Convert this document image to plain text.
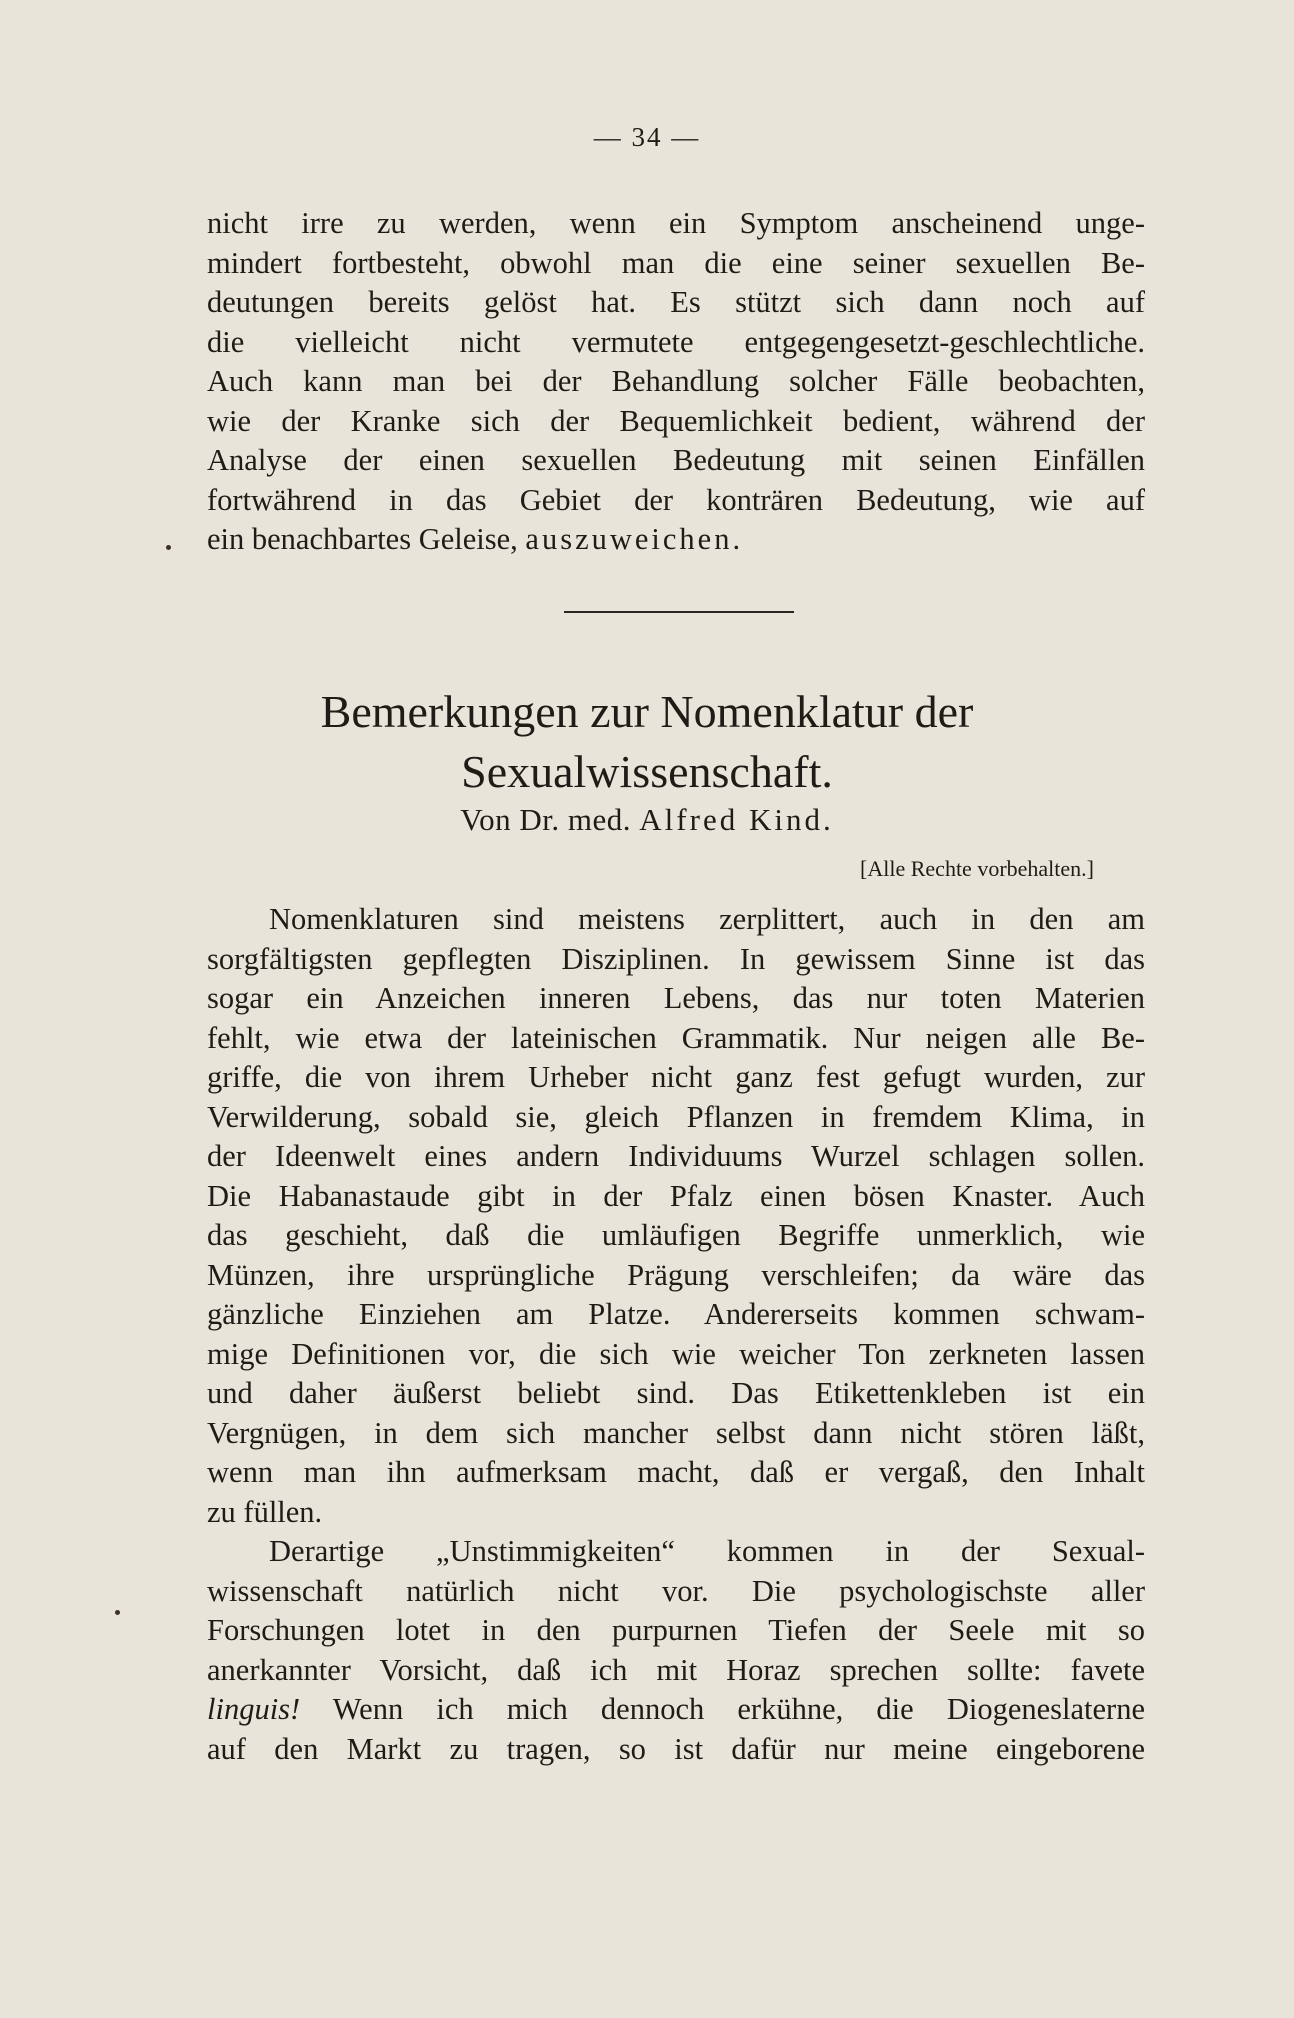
— 34 —
nicht irre zu werden, wenn ein Symptom anscheinend unge-
mindert fortbesteht, obwohl man die eine seiner sexuellen Be-
deutungen bereits gelöst hat. Es stützt sich dann noch auf
die vielleicht nicht vermutete entgegengesetzt-geschlechtliche.
Auch kann man bei der Behandlung solcher Fälle beobachten,
wie der Kranke sich der Bequemlichkeit bedient, während der
Analyse der einen sexuellen Bedeutung mit seinen Einfällen
fortwährend in das Gebiet der konträren Bedeutung, wie auf
ein benachbartes Geleise, auszuweichen.
Bemerkungen zur Nomenklatur der
Sexualwissenschaft.
Von Dr. med. Alfred Kind.
[Alle Rechte vorbehalten.]
Nomenklaturen sind meistens zerplittert, auch in den am
sorgfältigsten gepflegten Disziplinen. In gewissem Sinne ist das
sogar ein Anzeichen inneren Lebens, das nur toten Materien
fehlt, wie etwa der lateinischen Grammatik. Nur neigen alle Be-
griffe, die von ihrem Urheber nicht ganz fest gefugt wurden, zur
Verwilderung, sobald sie, gleich Pflanzen in fremdem Klima, in
der Ideenwelt eines andern Individuums Wurzel schlagen sollen.
Die Habanastaude gibt in der Pfalz einen bösen Knaster. Auch
das geschieht, daß die umläufigen Begriffe unmerklich, wie
Münzen, ihre ursprüngliche Prägung verschleifen; da wäre das
gänzliche Einziehen am Platze. Andererseits kommen schwam-
mige Definitionen vor, die sich wie weicher Ton zerkneten lassen
und daher äußerst beliebt sind. Das Etikettenkleben ist ein
Vergnügen, in dem sich mancher selbst dann nicht stören läßt,
wenn man ihn aufmerksam macht, daß er vergaß, den Inhalt
zu füllen.
Derartige „Unstimmigkeiten“ kommen in der Sexual-
wissenschaft natürlich nicht vor. Die psychologischste aller
Forschungen lotet in den purpurnen Tiefen der Seele mit so
anerkannter Vorsicht, daß ich mit Horaz sprechen sollte: favete
linguis! Wenn ich mich dennoch erkühne, die Diogeneslaterne
auf den Markt zu tragen, so ist dafür nur meine eingeborene
